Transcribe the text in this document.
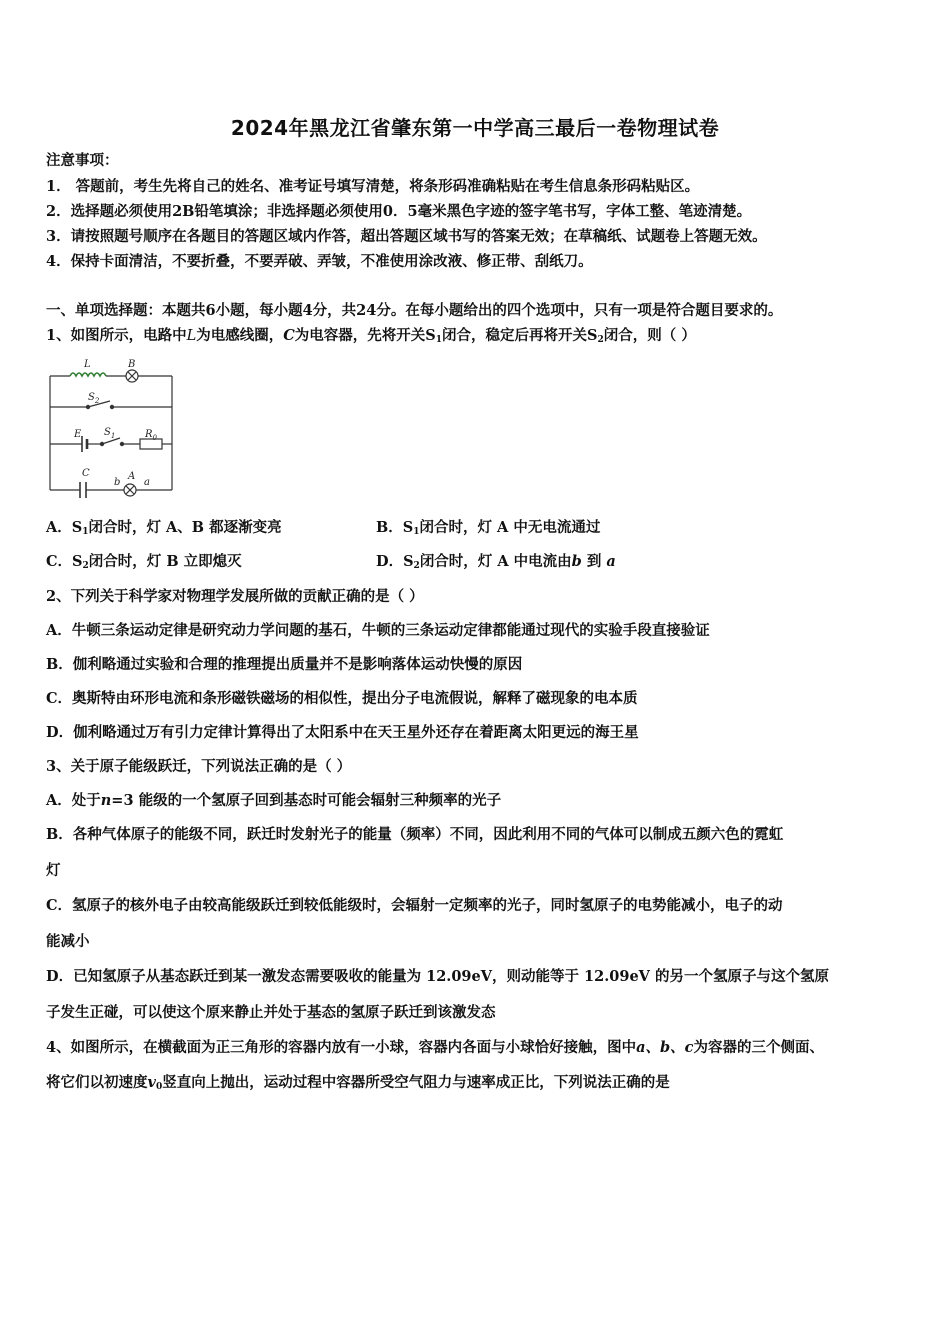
2024年黑龙江省肇东第一中学高三最后一卷物理试卷
注意事项：
1． 答题前，考生先将自己的姓名、准考证号填写清楚，将条形码准确粘贴在考生信息条形码粘贴区。
2．选择题必须使用2B铅笔填涂；非选择题必须使用0．5毫米黑色字迹的签字笔书写，字体工整、笔迹清楚。
3．请按照题号顺序在各题目的答题区域内作答，超出答题区域书写的答案无效；在草稿纸、试题卷上答题无效。
4．保持卡面清洁，不要折叠，不要弄破、弄皱，不准使用涂改液、修正带、刮纸刀。
一、单项选择题：本题共6小题，每小题4分，共24分。在每小题给出的四个选项中，只有一项是符合题目要求的。
1、如图所示，电路中L为电感线圈，C为电容器，先将开关$S_1$闭合，稳定后再将开关$S_2$闭合，则（ ）
L	B
$S_2$
E $S_1$	$R_0$
C
b
A
a
A．$S_1$闭合时，灯 A、B 都逐渐变亮	B．$S_1$闭合时，灯 A 中无电流通过
C．$S_2$闭合时，灯 B 立即熄灭	D．$S_2$闭合时，灯 A 中电流由b 到 a
2、下列关于科学家对物理学发展所做的贡献正确的是（ ）
A．牛顿三条运动定律是研究动力学问题的基石，牛顿的三条运动定律都能通过现代的实验手段直接验证
B．伽利略通过实验和合理的推理提出质量并不是影响落体运动快慢的原因
C．奥斯特由环形电流和条形磁铁磁场的相似性，提出分子电流假说，解释了磁现象的电本质
D．伽利略通过万有引力定律计算得出了太阳系中在天王星外还存在着距离太阳更远的海王星
3、关于原子能级跃迁，下列说法正确的是（ ）
A．处于n=3 能级的一个氢原子回到基态时可能会辐射三种频率的光子
B．各种气体原子的能级不同，跃迁时发射光子的能量（频率）不同，因此利用不同的气体可以制成五颜六色的霓虹
灯
C．氢原子的核外电子由较高能级跃迁到较低能级时，会辐射一定频率的光子，同时氢原子的电势能减小，电子的动
能减小
D．已知氢原子从基态跃迁到某一激发态需要吸收的能量为 12.09eV，则动能等于 12.09eV 的另一个氢原子与这个氢原
子发生正碰，可以使这个原来静止并处于基态的氢原子跃迁到该激发态
4、如图所示，在横截面为正三角形的容器内放有一小球，容器内各面与小球恰好接触，图中a、b、c为容器的三个侧面、
将它们以初速度$v_0$竖直向上抛出，运动过程中容器所受空气阻力与速率成正比，下列说法正确的是
